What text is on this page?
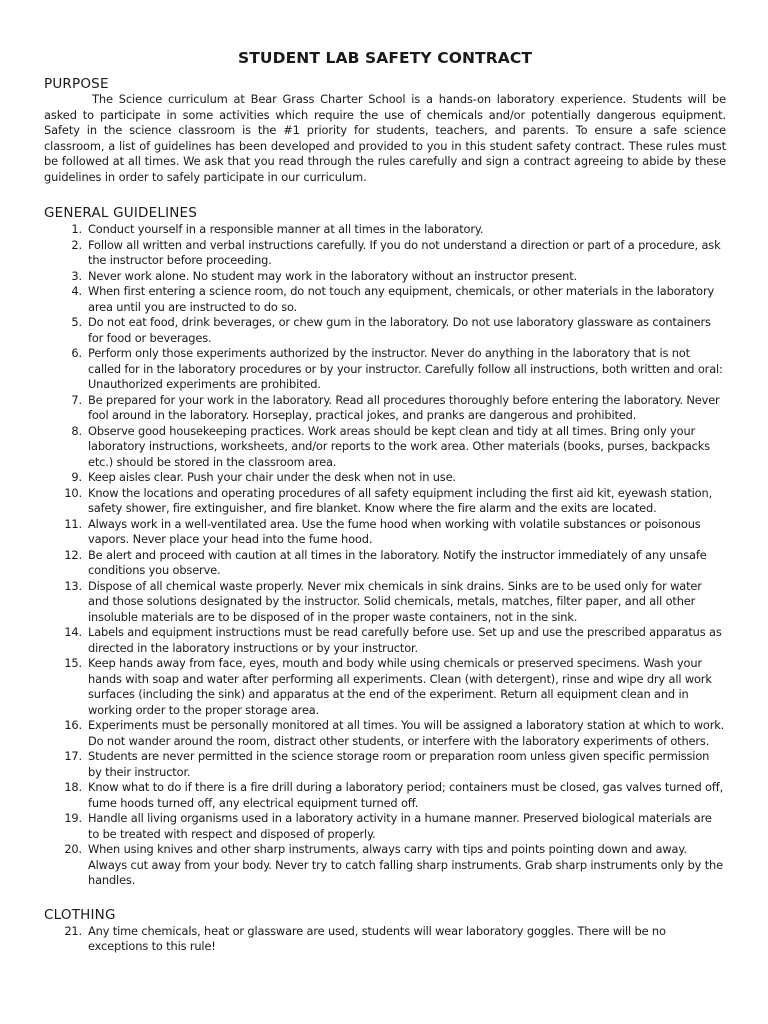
STUDENT LAB SAFETY CONTRACT
PURPOSE

The Science curriculum at Bear Grass Charter School is a hands-on laboratory experience. Students will be asked to participate in some activities which require the use of chemicals and/or potentially dangerous equipment. Safety in the science classroom is the #1 priority for students, teachers, and parents. To ensure a safe science classroom, a list of guidelines has been developed and provided to you in this student safety contract. These rules must be followed at all times. We ask that you read through the rules carefully and sign a contract agreeing to abide by these guidelines in order to safely participate in our curriculum.

GENERAL GUIDELINES
1. Conduct yourself in a responsible manner at all times in the laboratory.
2. Follow all written and verbal instructions carefully. If you do not understand a direction or part of a procedure, ask the instructor before proceeding.
3. Never work alone. No student may work in the laboratory without an instructor present.
4. When first entering a science room, do not touch any equipment, chemicals, or other materials in the laboratory area until you are instructed to do so.
5. Do not eat food, drink beverages, or chew gum in the laboratory. Do not use laboratory glassware as containers for food or beverages.
6. Perform only those experiments authorized by the instructor. Never do anything in the laboratory that is not called for in the laboratory procedures or by your instructor. Carefully follow all instructions, both written and oral: Unauthorized experiments are prohibited.
7. Be prepared for your work in the laboratory. Read all procedures thoroughly before entering the laboratory. Never fool around in the laboratory. Horseplay, practical jokes, and pranks are dangerous and prohibited.
8. Observe good housekeeping practices. Work areas should be kept clean and tidy at all times. Bring only your laboratory instructions, worksheets, and/or reports to the work area. Other materials (books, purses, backpacks etc.) should be stored in the classroom area.
9. Keep aisles clear. Push your chair under the desk when not in use.
10. Know the locations and operating procedures of all safety equipment including the first aid kit, eyewash station, safety shower, fire extinguisher, and fire blanket. Know where the fire alarm and the exits are located.
11. Always work in a well-ventilated area. Use the fume hood when working with volatile substances or poisonous vapors. Never place your head into the fume hood.
12. Be alert and proceed with caution at all times in the laboratory. Notify the instructor immediately of any unsafe conditions you observe.
13. Dispose of all chemical waste properly. Never mix chemicals in sink drains. Sinks are to be used only for water and those solutions designated by the instructor. Solid chemicals, metals, matches, filter paper, and all other insoluble materials are to be disposed of in the proper waste containers, not in the sink.
14. Labels and equipment instructions must be read carefully before use. Set up and use the prescribed apparatus as directed in the laboratory instructions or by your instructor.
15. Keep hands away from face, eyes, mouth and body while using chemicals or preserved specimens. Wash your hands with soap and water after performing all experiments. Clean (with detergent), rinse and wipe dry all work surfaces (including the sink) and apparatus at the end of the experiment. Return all equipment clean and in working order to the proper storage area.
16. Experiments must be personally monitored at all times. You will be assigned a laboratory station at which to work. Do not wander around the room, distract other students, or interfere with the laboratory experiments of others.
17. Students are never permitted in the science storage room or preparation room unless given specific permission by their instructor.
18. Know what to do if there is a fire drill during a laboratory period; containers must be closed, gas valves turned off, fume hoods turned off, any electrical equipment turned off.
19. Handle all living organisms used in a laboratory activity in a humane manner. Preserved biological materials are to be treated with respect and disposed of properly.
20. When using knives and other sharp instruments, always carry with tips and points pointing down and away. Always cut away from your body. Never try to catch falling sharp instruments. Grab sharp instruments only by the handles.
CLOTHING
21. Any time chemicals, heat or glassware are used, students will wear laboratory goggles. There will be no exceptions to this rule!
